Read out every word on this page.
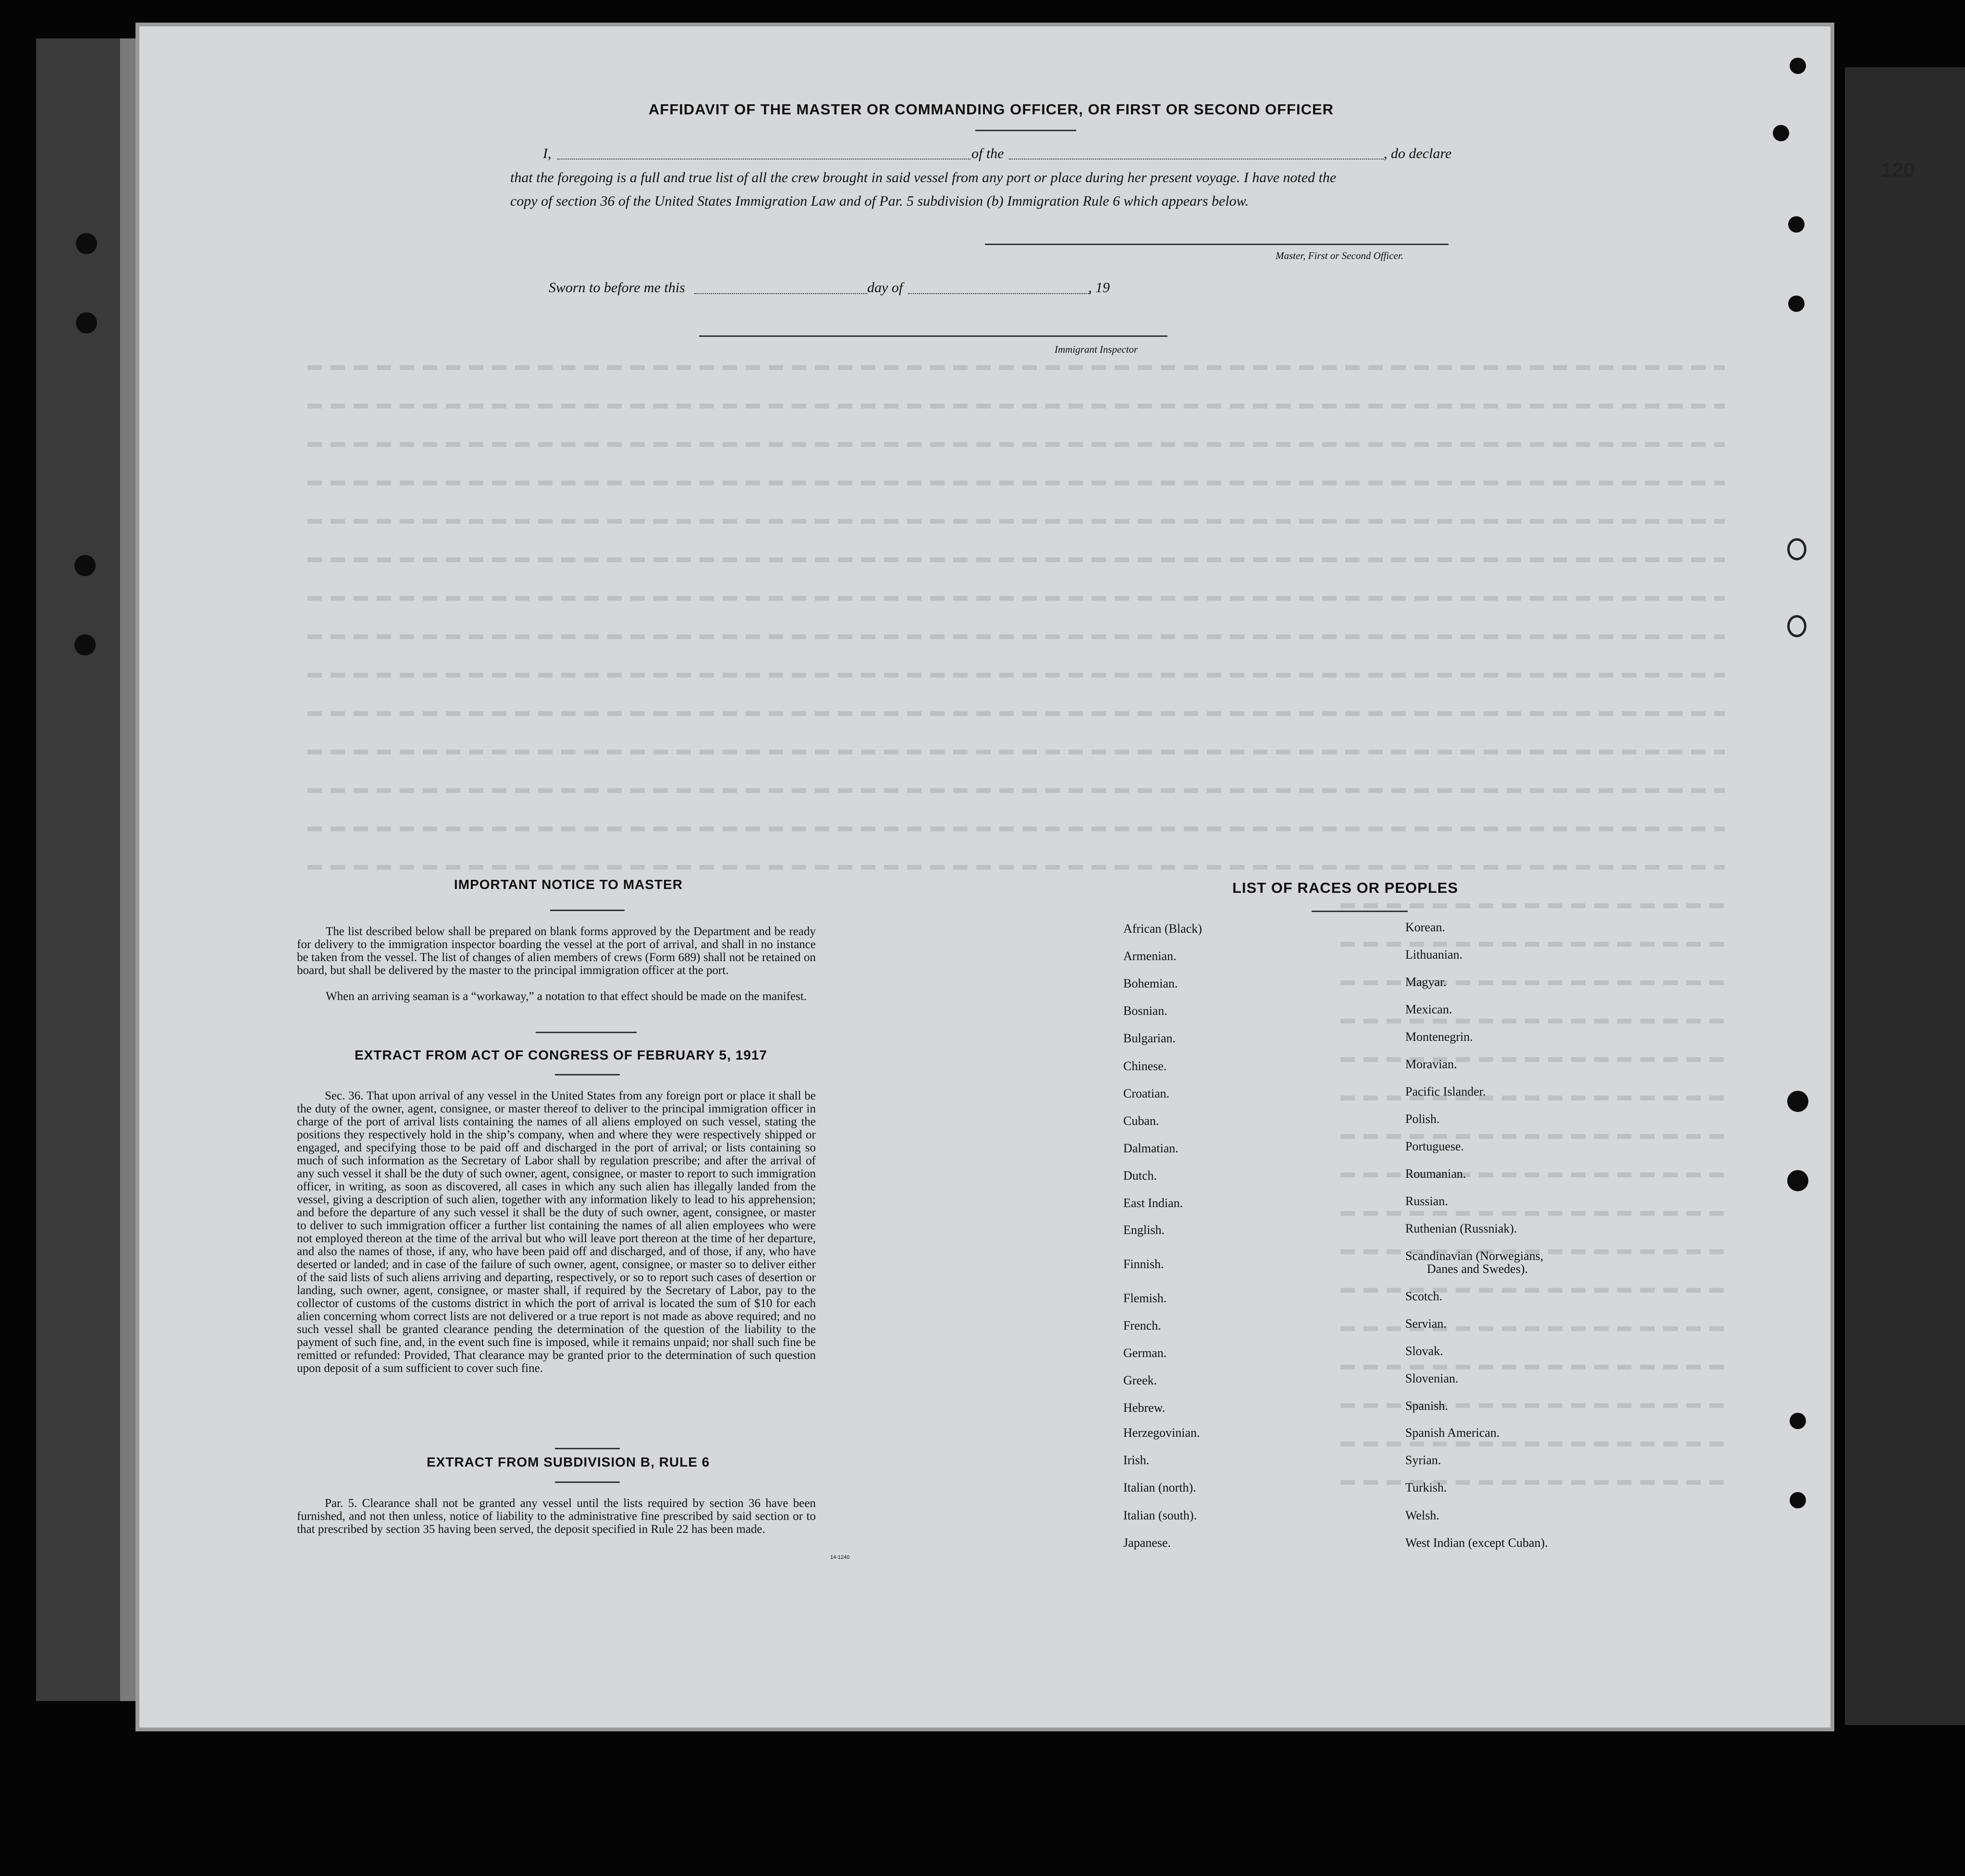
120
AFFIDAVIT OF THE MASTER OR COMMANDING OFFICER, OR FIRST OR SECOND OFFICER
I,	of the	, do declare
that the foregoing is a full and true list of all the crew brought in said vessel from any port or place during her present voyage. I have noted the
copy of section 36 of the United States Immigration Law and of Par. 5 subdivision (b) Immigration Rule 6 which appears below.
Master, First or Second Officer.
Sworn to before me this	day of	, 19
Immigrant Inspector
IMPORTANT NOTICE TO MASTER
The list described below shall be prepared on blank forms approved by the Department and be ready for delivery to the immigration inspector boarding the vessel at the port of arrival, and shall in no instance be taken from the vessel. The list of changes of alien members of crews (Form 689) shall not be retained on board, but shall be delivered by the master to the principal immigration officer at the port.
When an arriving seaman is a “workaway,” a notation to that effect should be made on the manifest.
EXTRACT FROM ACT OF CONGRESS OF FEBRUARY 5, 1917
Sec. 36. That upon arrival of any vessel in the United States from any foreign port or place it shall be the duty of the owner, agent, consignee, or master thereof to deliver to the principal immigration officer in charge of the port of arrival lists containing the names of all aliens employed on such vessel, stating the positions they respectively hold in the ship’s company, when and where they were respectively shipped or engaged, and specifying those to be paid off and discharged in the port of arrival; or lists containing so much of such information as the Secretary of Labor shall by regulation prescribe; and after the arrival of any such vessel it shall be the duty of such owner, agent, consignee, or master to report to such immigration officer, in writing, as soon as discovered, all cases in which any such alien has illegally landed from the vessel, giving a description of such alien, together with any information likely to lead to his apprehension; and before the departure of any such vessel it shall be the duty of such owner, agent, consignee, or master to deliver to such immigration officer a further list containing the names of all alien employees who were not employed thereon at the time of the arrival but who will leave port thereon at the time of her departure, and also the names of those, if any, who have been paid off and discharged, and of those, if any, who have deserted or landed; and in case of the failure of such owner, agent, consignee, or master so to deliver either of the said lists of such aliens arriving and departing, respectively, or so to report such cases of desertion or landing, such owner, agent, consignee, or master shall, if required by the Secretary of Labor, pay to the collector of customs of the customs district in which the port of arrival is located the sum of $10 for each alien concerning whom correct lists are not delivered or a true report is not made as above required; and no such vessel shall be granted clearance pending the determination of the question of the liability to the payment of such fine, and, in the event such fine is imposed, while it remains unpaid; nor shall such fine be remitted or refunded: Provided, That clearance may be granted prior to the determination of such question upon deposit of a sum sufficient to cover such fine.
EXTRACT FROM SUBDIVISION B, RULE 6
Par. 5. Clearance shall not be granted any vessel until the lists required by section 36 have been furnished, and not then unless, notice of liability to the administrative fine prescribed by said section or to that prescribed by section 35 having been served, the deposit specified in Rule 22 has been made.
14-1240
LIST OF RACES OR PEOPLES
African (Black)
Armenian.
Bohemian.
Bosnian.
Bulgarian.
Chinese.
Croatian.
Cuban.
Dalmatian.
Dutch.
East Indian.
English.
Finnish.
Flemish.
French.
German.
Greek.
Hebrew.
Herzegovinian.
Irish.
Italian (north).
Italian (south).
Japanese.
Korean.
Lithuanian.
Magyar.
Mexican.
Montenegrin.
Moravian.
Pacific Islander.
Polish.
Portuguese.
Roumanian.
Russian.
Ruthenian (Russniak).
Scandinavian (Norwegians,
Danes and Swedes).
Scotch.
Servian.
Slovak.
Slovenian.
Spanish.
Spanish American.
Syrian.
Turkish.
Welsh.
West Indian (except Cuban).
